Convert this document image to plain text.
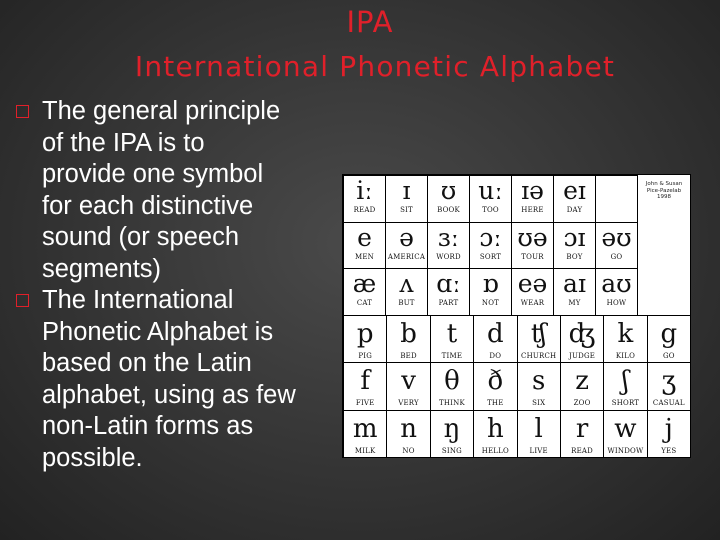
IPA
International Phonetic Alphabet
The general principle
of the IPA is to
provide one symbol
for each distinctive
sound (or speech
segments)
The International
Phonetic Alphabet is
based on the Latin
alphabet, using as few
non-Latin forms as
possible.
iː
READ
ɪ
SIT
ʊ
BOOK
uː
TOO
ɪə
HERE
eɪ
DAY
e
MEN
ə
AMERICA
ɜː
WORD
ɔː
SORT
ʊə
TOUR
ɔɪ
BOY
əʊ
GO
æ
CAT
ʌ
BUT
ɑː
PART
ɒ
NOT
eə
WEAR
aɪ
MY
aʊ
HOW
John & Susan
Pice-Pazelab
1998
p
PIG
b
BED
t
TIME
d
DO
ʧ
CHURCH
ʤ
JUDGE
k
KILO
g
GO
f
FIVE
v
VERY
θ
THINK
ð
THE
s
SIX
z
ZOO
ʃ
SHORT
ʒ
CASUAL
m
MILK
n
NO
ŋ
SING
h
HELLO
l
LIVE
r
READ
w
WINDOW
j
YES
